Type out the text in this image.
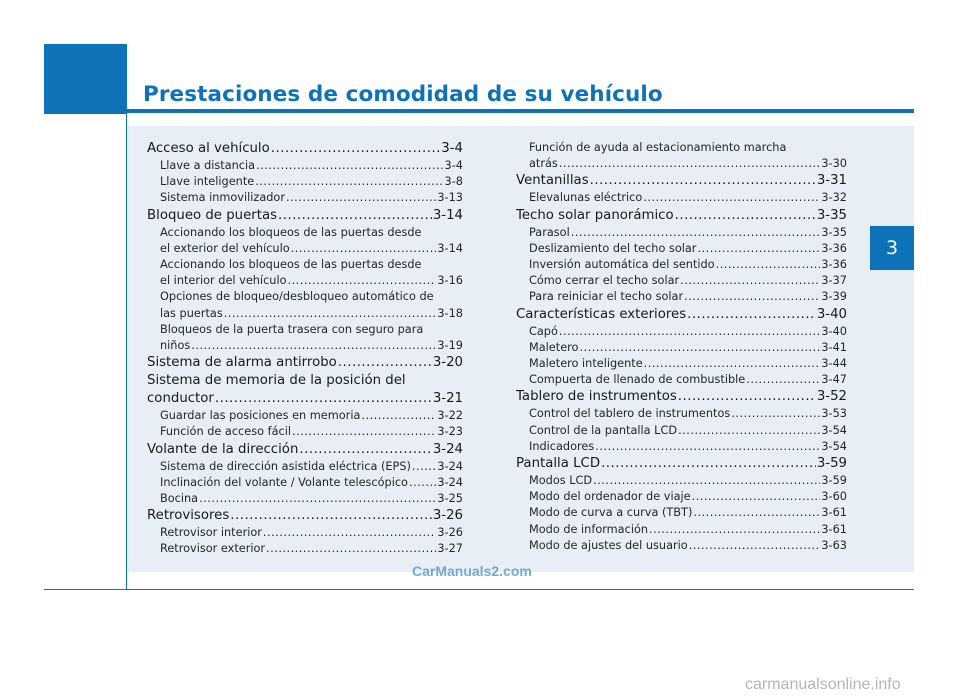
Prestaciones de comodidad de su vehículo
3
Acceso al vehículo .....	3-4
Llave a distancia .....	3-4
Llave inteligente .....	3-8
Sistema inmovilizador .....	3-13
Bloqueo de puertas .....	3-14
Accionando los bloqueos de las puertas desde
el exterior del vehículo .....	3-14
Accionando los bloqueos de las puertas desde
el interior del vehículo .....	3-16
Opciones de bloqueo/desbloqueo automático de
las puertas .....	3-18
Bloqueos de la puerta trasera con seguro para
niños .....	3-19
Sistema de alarma antirrobo .....	3-20
Sistema de memoria de la posición del
conductor .....	3-21
Guardar las posiciones en memoria .....	3-22
Función de acceso fácil .....	3-23
Volante de la dirección .....	3-24
Sistema de dirección asistida eléctrica (EPS) ..... 3-24
Inclinación del volante / Volante telescópico .....	3-24
Bocina .....	3-25
Retrovisores .....	3-26
Retrovisor interior .....	3-26
Retrovisor exterior .....	3-27
Función de ayuda al estacionamiento marcha
atrás .....	3-30
Ventanillas .....	3-31
Elevalunas eléctrico .....	3-32
Techo solar panorámico .....	3-35
Parasol .....	3-35
Deslizamiento del techo solar .....	3-36
Inversión automática del sentido .....	3-36
Cómo cerrar el techo solar .....	3-37
Para reiniciar el techo solar .....	3-39
Características exteriores .....	3-40
Capó .....	3-40
Maletero .....	3-41
Maletero inteligente .....	3-44
Compuerta de llenado de combustible .....	3-47
Tablero de instrumentos .....	3-52
Control del tablero de instrumentos .....	3-53
Control de la pantalla LCD .....	3-54
Indicadores .....	3-54
Pantalla LCD .....	3-59
Modos LCD .....	3-59
Modo del ordenador de viaje .....	3-60
Modo de curva a curva (TBT) .....	3-61
Modo de información .....	3-61
Modo de ajustes del usuario .....	3-63
CarManuals2.com
carmanualsonline.info
